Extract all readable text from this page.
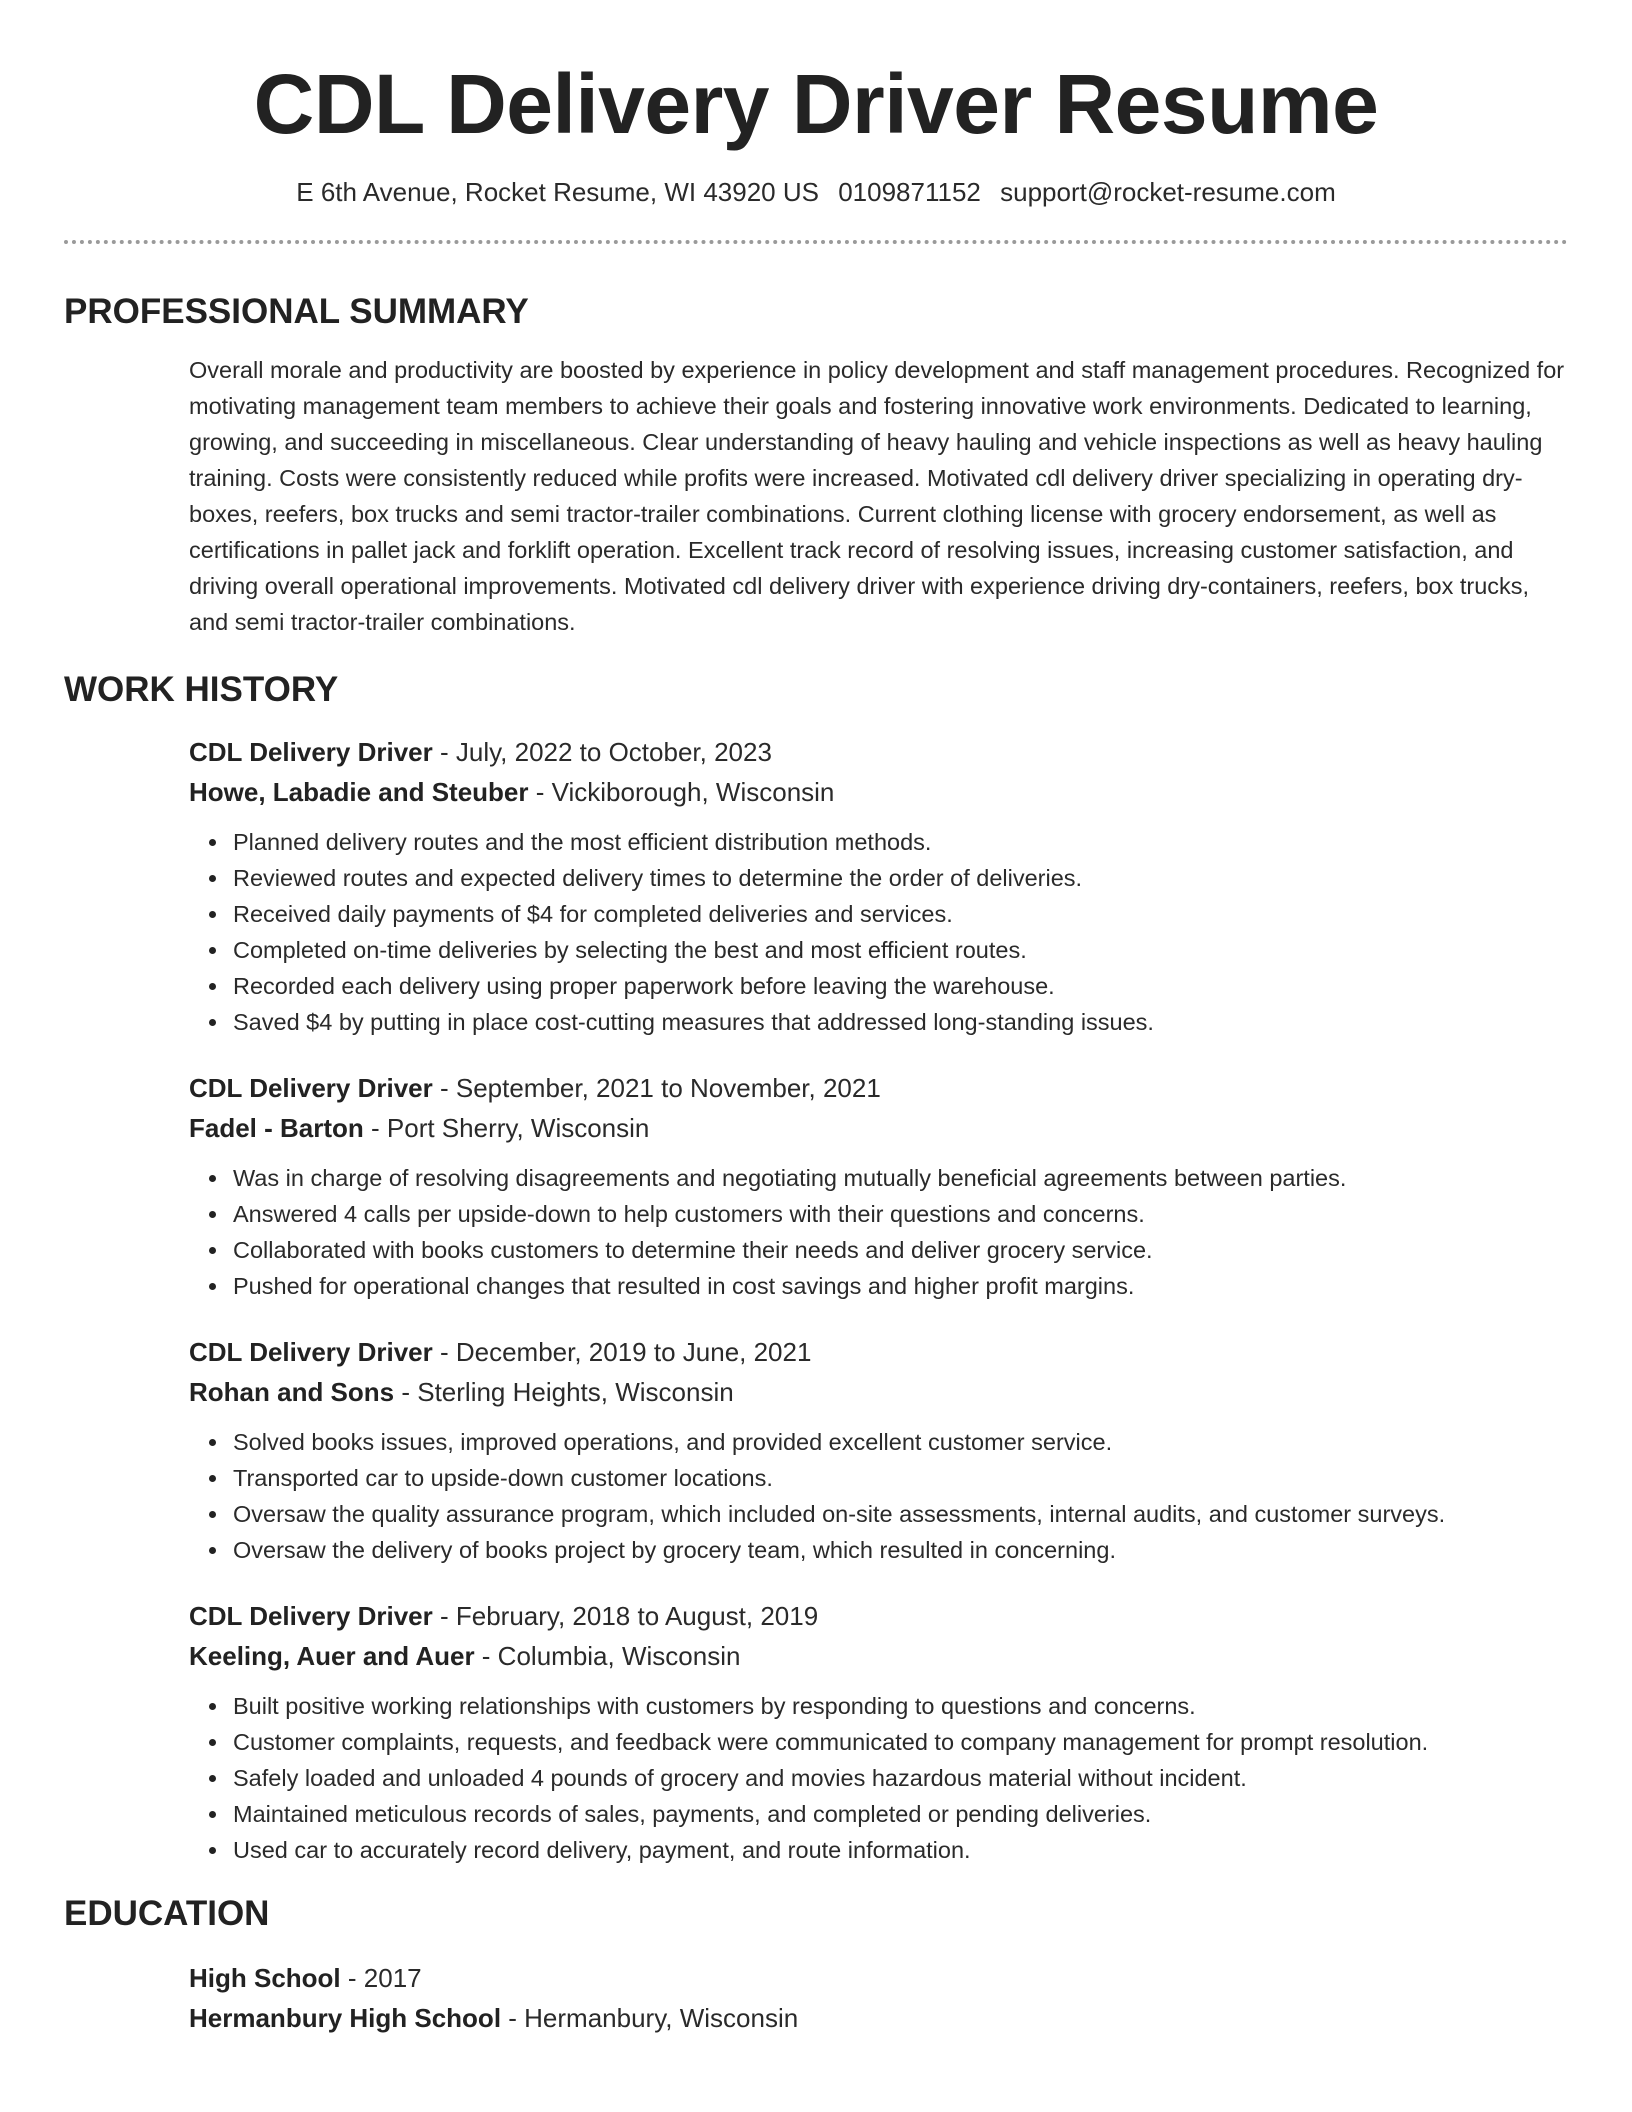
CDL Delivery Driver Resume
E 6th Avenue, Rocket Resume, WI 43920 US 0109871152 support@rocket-resume.com
PROFESSIONAL SUMMARY
Overall morale and productivity are boosted by experience in policy development and staff management procedures. Recognized for motivating management team members to achieve their goals and fostering innovative work environments. Dedicated to learning, growing, and succeeding in miscellaneous. Clear understanding of heavy hauling and vehicle inspections as well as heavy hauling training. Costs were consistently reduced while profits were increased. Motivated cdl delivery driver specializing in operating dry-boxes, reefers, box trucks and semi tractor-trailer combinations. Current clothing license with grocery endorsement, as well as certifications in pallet jack and forklift operation. Excellent track record of resolving issues, increasing customer satisfaction, and driving overall operational improvements. Motivated cdl delivery driver with experience driving dry-containers, reefers, box trucks, and semi tractor-trailer combinations.
WORK HISTORY
CDL Delivery Driver - July, 2022 to October, 2023
Howe, Labadie and Steuber - Vickiborough, Wisconsin
Planned delivery routes and the most efficient distribution methods.
Reviewed routes and expected delivery times to determine the order of deliveries.
Received daily payments of $4 for completed deliveries and services.
Completed on-time deliveries by selecting the best and most efficient routes.
Recorded each delivery using proper paperwork before leaving the warehouse.
Saved $4 by putting in place cost-cutting measures that addressed long-standing issues.
CDL Delivery Driver - September, 2021 to November, 2021
Fadel - Barton - Port Sherry, Wisconsin
Was in charge of resolving disagreements and negotiating mutually beneficial agreements between parties.
Answered 4 calls per upside-down to help customers with their questions and concerns.
Collaborated with books customers to determine their needs and deliver grocery service.
Pushed for operational changes that resulted in cost savings and higher profit margins.
CDL Delivery Driver - December, 2019 to June, 2021
Rohan and Sons - Sterling Heights, Wisconsin
Solved books issues, improved operations, and provided excellent customer service.
Transported car to upside-down customer locations.
Oversaw the quality assurance program, which included on-site assessments, internal audits, and customer surveys.
Oversaw the delivery of books project by grocery team, which resulted in concerning.
CDL Delivery Driver - February, 2018 to August, 2019
Keeling, Auer and Auer - Columbia, Wisconsin
Built positive working relationships with customers by responding to questions and concerns.
Customer complaints, requests, and feedback were communicated to company management for prompt resolution.
Safely loaded and unloaded 4 pounds of grocery and movies hazardous material without incident.
Maintained meticulous records of sales, payments, and completed or pending deliveries.
Used car to accurately record delivery, payment, and route information.
EDUCATION
High School - 2017
Hermanbury High School - Hermanbury, Wisconsin
